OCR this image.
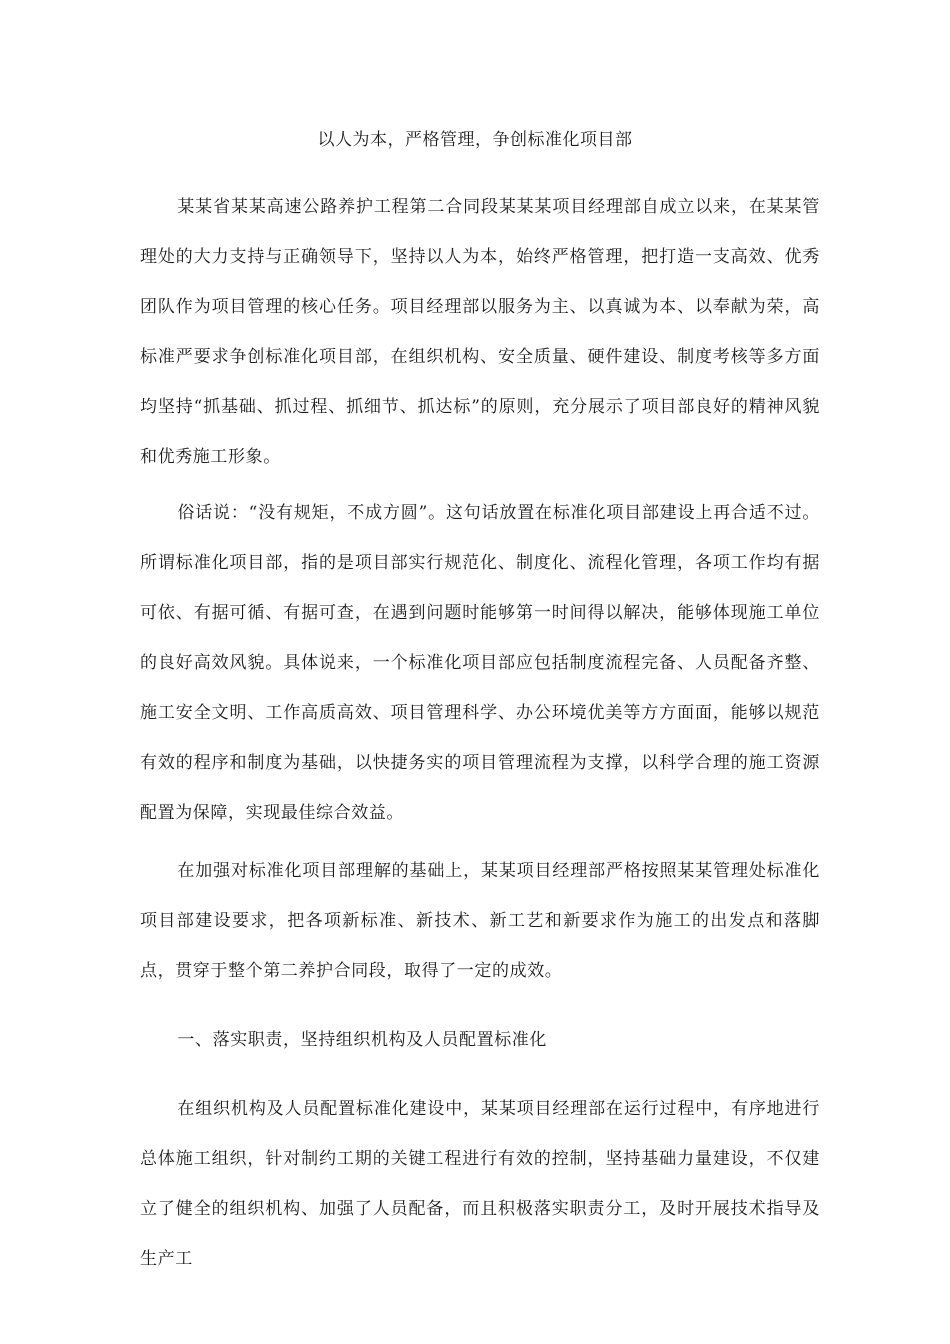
以人为本，严格管理，争创标准化项目部

某某省某某高速公路养护工程第二合同段某某某项目经理部自成立以来，在某某管理处的大力支持与正确领导下，坚持以人为本，始终严格管理，把打造一支高效、优秀团队作为项目管理的核心任务。项目经理部以服务为主、以真诚为本、以奉献为荣，高标准严要求争创标准化项目部，在组织机构、安全质量、硬件建设、制度考核等多方面均坚持“抓基础、抓过程、抓细节、抓达标”的原则，充分展示了项目部良好的精神风貌和优秀施工形象。

俗话说：“没有规矩，不成方圆”。这句话放置在标准化项目部建设上再合适不过。所谓标准化项目部，指的是项目部实行规范化、制度化、流程化管理，各项工作均有据可依、有据可循、有据可查，在遇到问题时能够第一时间得以解决，能够体现施工单位的良好高效风貌。具体说来，一个标准化项目部应包括制度流程完备、人员配备齐整、施工安全文明、工作高质高效、项目管理科学、办公环境优美等方方面面，能够以规范有效的程序和制度为基础，以快捷务实的项目管理流程为支撑，以科学合理的施工资源配置为保障，实现最佳综合效益。

在加强对标准化项目部理解的基础上，某某项目经理部严格按照某某管理处标准化项目部建设要求，把各项新标准、新技术、新工艺和新要求作为施工的出发点和落脚点，贯穿于整个第二养护合同段，取得了一定的成效。

一、落实职责，坚持组织机构及人员配置标准化

在组织机构及人员配置标准化建设中，某某项目经理部在运行过程中，有序地进行总体施工组织，针对制约工期的关键工程进行有效的控制，坚持基础力量建设，不仅建立了健全的组织机构、加强了人员配备，而且积极落实职责分工，及时开展技术指导及生产工
